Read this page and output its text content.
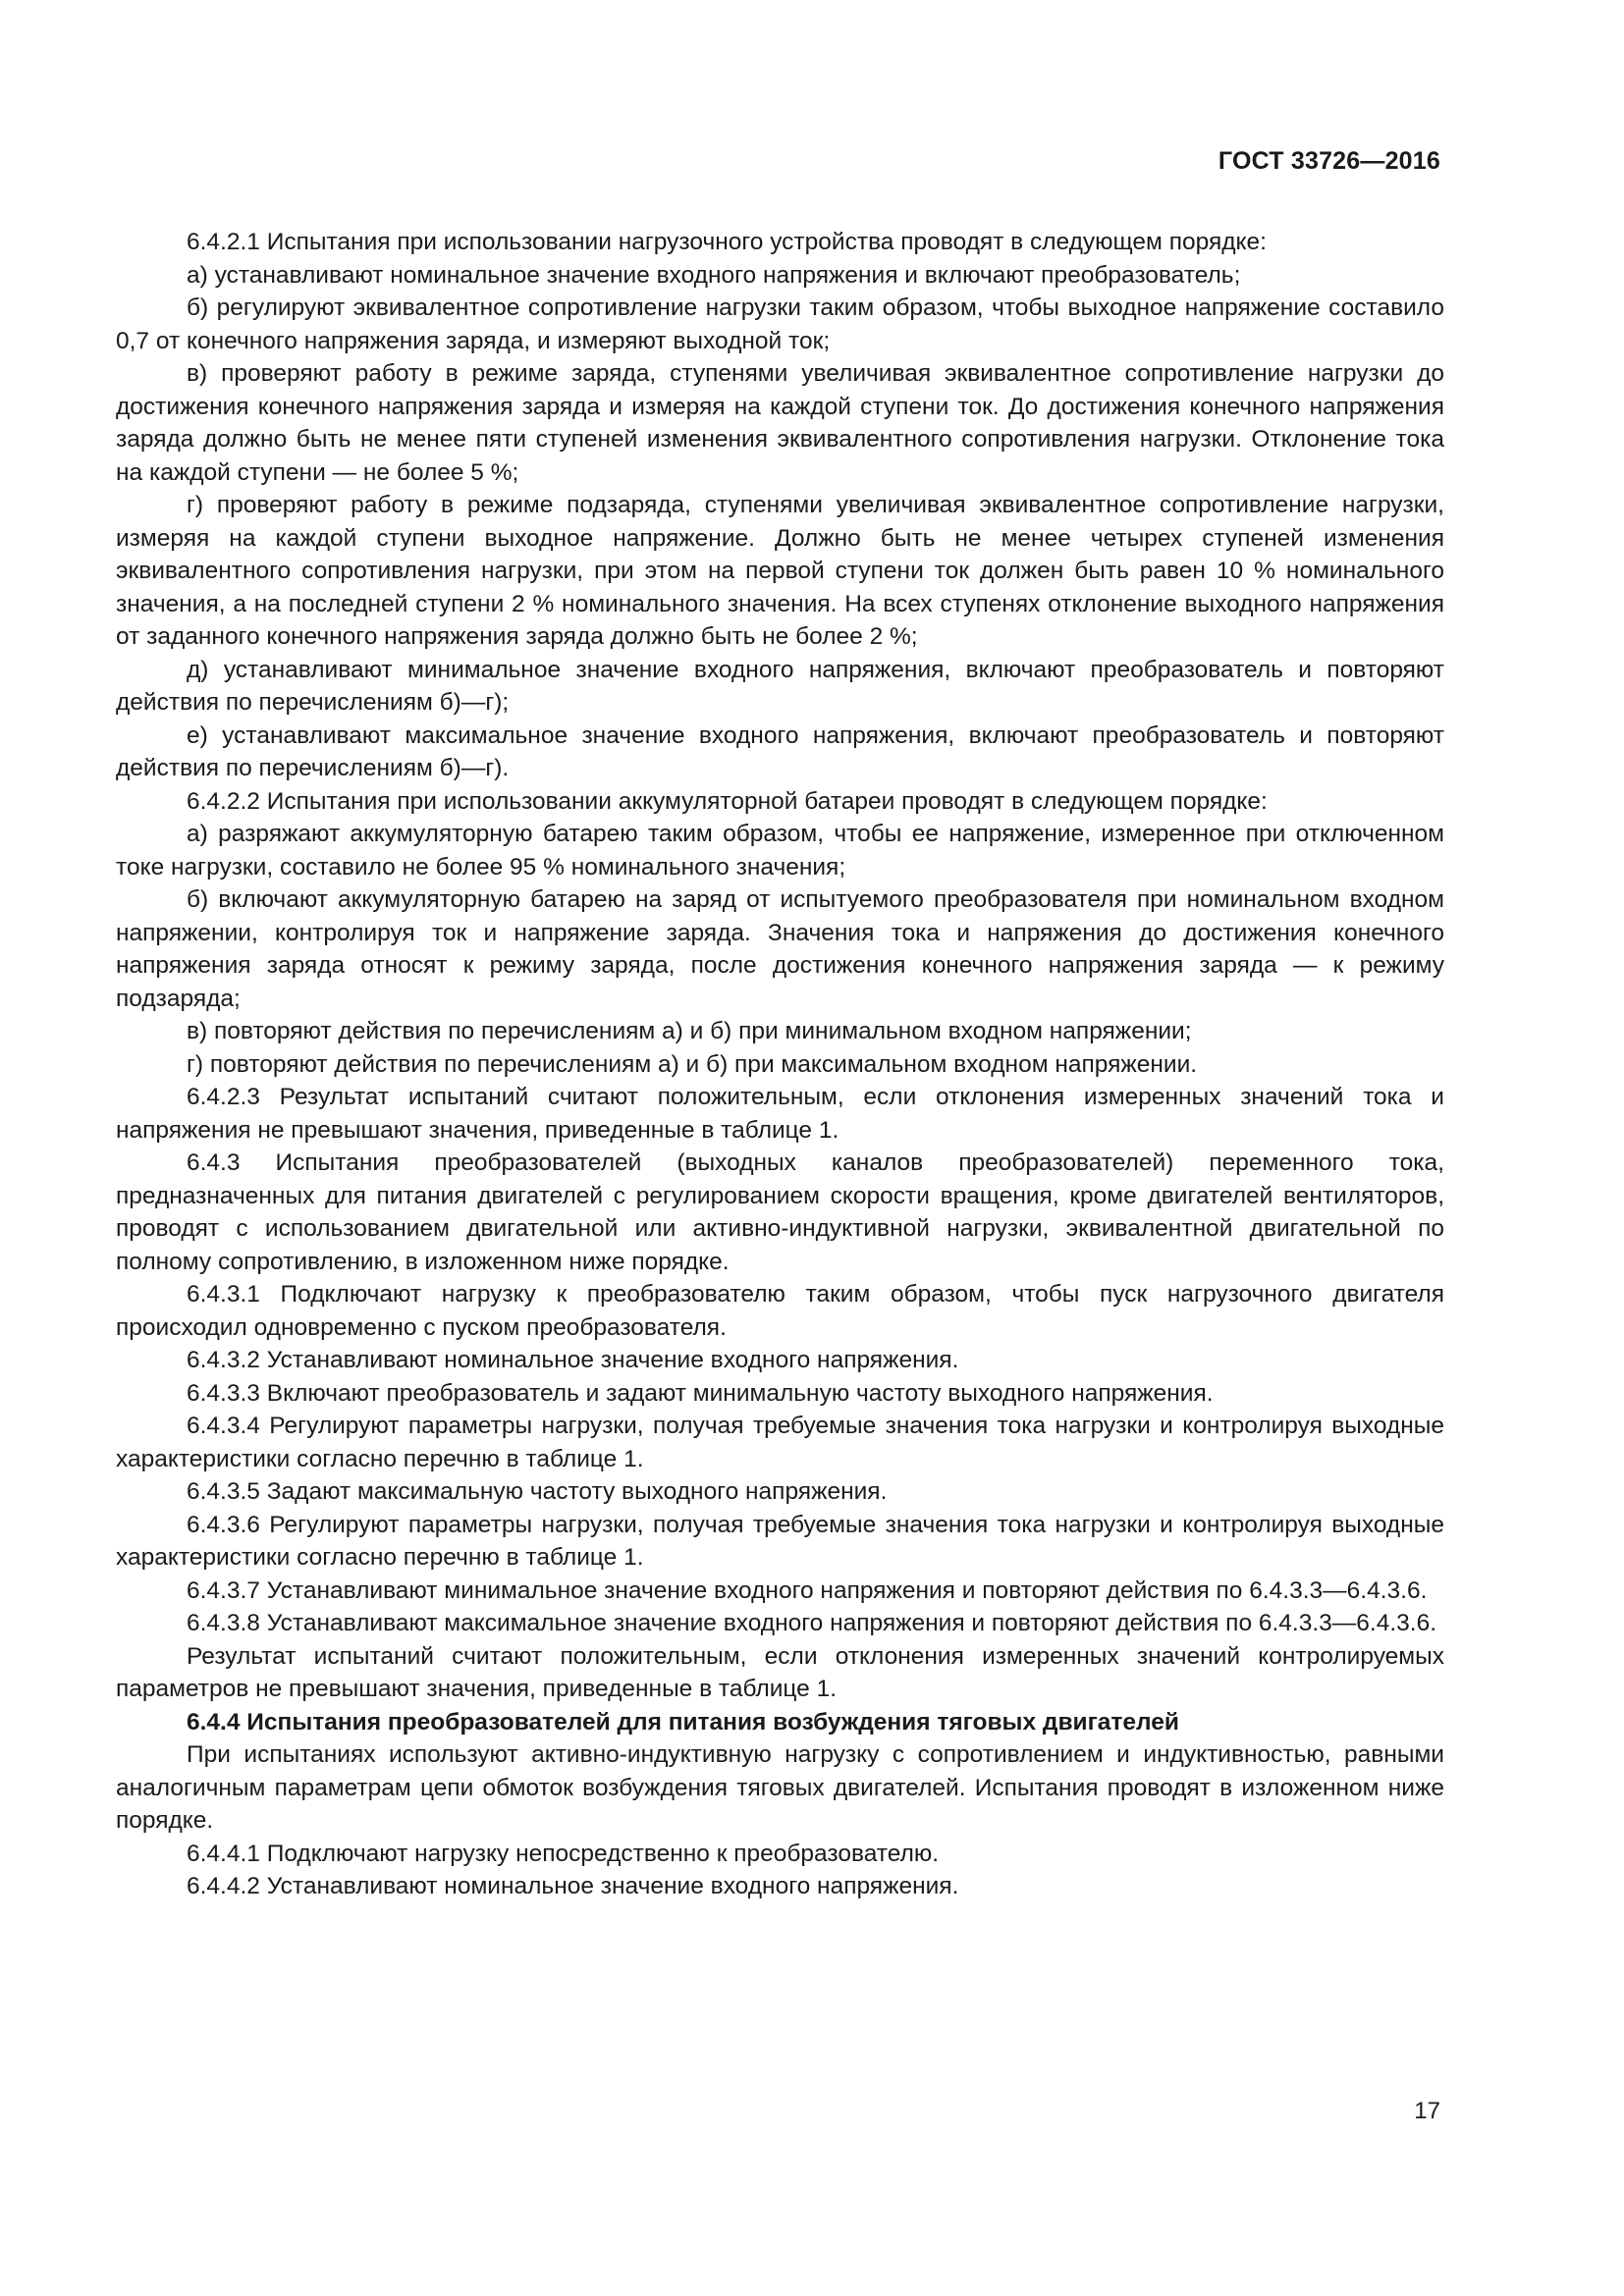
ГОСТ 33726—2016

6.4.2.1 Испытания при использовании нагрузочного устройства проводят в следующем порядке:

а) устанавливают номинальное значение входного напряжения и включают преобразователь;

б) регулируют эквивалентное сопротивление нагрузки таким образом, чтобы выходное напряжение составило 0,7 от конечного напряжения заряда, и измеряют выходной ток;

в) проверяют работу в режиме заряда, ступенями увеличивая эквивалентное сопротивление нагрузки до достижения конечного напряжения заряда и измеряя на каждой ступени ток. До достижения конечного напряжения заряда должно быть не менее пяти ступеней изменения эквивалентного сопротивления нагрузки. Отклонение тока на каждой ступени — не более 5 %;

г) проверяют работу в режиме подзаряда, ступенями увеличивая эквивалентное сопротивление нагрузки, измеряя на каждой ступени выходное напряжение. Должно быть не менее четырех ступеней изменения эквивалентного сопротивления нагрузки, при этом на первой ступени ток должен быть равен 10 % номинального значения, а на последней ступени 2 % номинального значения. На всех ступенях отклонение выходного напряжения от заданного конечного напряжения заряда должно быть не более 2 %;

д) устанавливают минимальное значение входного напряжения, включают преобразователь и повторяют действия по перечислениям б)—г);

е) устанавливают максимальное значение входного напряжения, включают преобразователь и повторяют действия по перечислениям б)—г).

6.4.2.2 Испытания при использовании аккумуляторной батареи проводят в следующем порядке:

а) разряжают аккумуляторную батарею таким образом, чтобы ее напряжение, измеренное при отключенном токе нагрузки, составило не более 95 % номинального значения;

б) включают аккумуляторную батарею на заряд от испытуемого преобразователя при номинальном входном напряжении, контролируя ток и напряжение заряда. Значения тока и напряжения до достижения конечного напряжения заряда относят к режиму заряда, после достижения конечного напряжения заряда — к режиму подзаряда;

в) повторяют действия по перечислениям а) и б) при минимальном входном напряжении;

г) повторяют действия по перечислениям а) и б) при максимальном входном напряжении.

6.4.2.3 Результат испытаний считают положительным, если отклонения измеренных значений тока и напряжения не превышают значения, приведенные в таблице 1.

6.4.3 Испытания преобразователей (выходных каналов преобразователей) переменного тока, предназначенных для питания двигателей с регулированием скорости вращения, кроме двигателей вентиляторов, проводят с использованием двигательной или активно-индуктивной нагрузки, эквивалентной двигательной по полному сопротивлению, в изложенном ниже порядке.

6.4.3.1 Подключают нагрузку к преобразователю таким образом, чтобы пуск нагрузочного двигателя происходил одновременно с пуском преобразователя.

6.4.3.2 Устанавливают номинальное значение входного напряжения.

6.4.3.3 Включают преобразователь и задают минимальную частоту выходного напряжения.

6.4.3.4 Регулируют параметры нагрузки, получая требуемые значения тока нагрузки и контролируя выходные характеристики согласно перечню в таблице 1.

6.4.3.5 Задают максимальную частоту выходного напряжения.

6.4.3.6 Регулируют параметры нагрузки, получая требуемые значения тока нагрузки и контролируя выходные характеристики согласно перечню в таблице 1.

6.4.3.7 Устанавливают минимальное значение входного напряжения и повторяют действия по 6.4.3.3—6.4.3.6.

6.4.3.8 Устанавливают максимальное значение входного напряжения и повторяют действия по 6.4.3.3—6.4.3.6.

Результат испытаний считают положительным, если отклонения измеренных значений контролируемых параметров не превышают значения, приведенные в таблице 1.

6.4.4 Испытания преобразователей для питания возбуждения тяговых двигателей

При испытаниях используют активно-индуктивную нагрузку с сопротивлением и индуктивностью, равными аналогичным параметрам цепи обмоток возбуждения тяговых двигателей. Испытания проводят в изложенном ниже порядке.

6.4.4.1 Подключают нагрузку непосредственно к преобразователю.

6.4.4.2 Устанавливают номинальное значение входного напряжения.

17
